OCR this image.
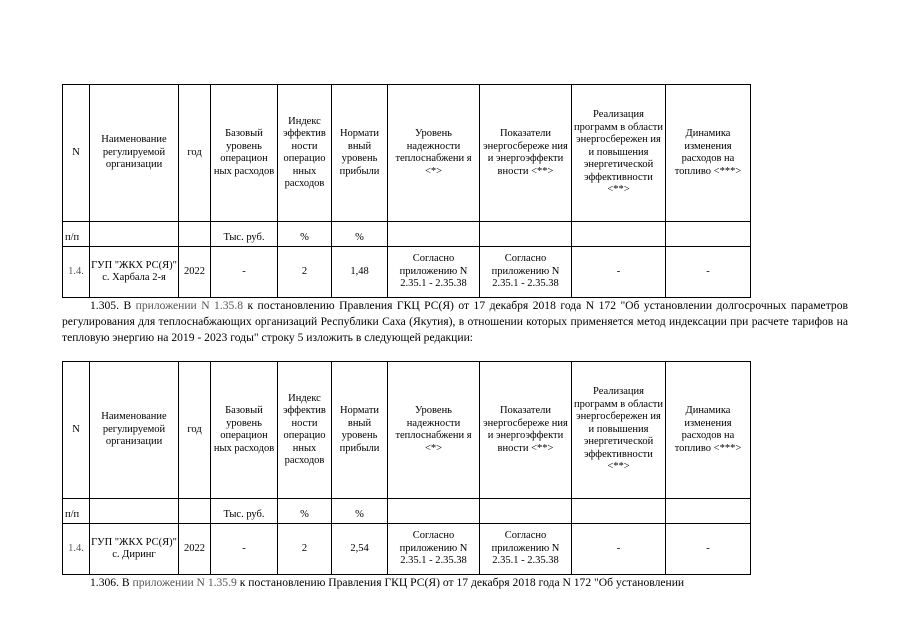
N	Наименование регулируемой организации	год	Базовый уровень операцион ных расходов	Индекс эффектив ности операцио нных расходов	Нормати вный уровень прибыли	Уровень надежности теплоснабжени я <*>	Показатели энергосбереже ния и энергоэффекти вности <**>	Реализация программ в области энергосбережен ия и повышения энергетической эффективности <**>	Динамика изменения расходов на топливо <***>
п/п			Тыс. руб.	%	%				
1.4.	ГУП "ЖКХ РС(Я)" с. Харбала 2-я	2022	-	2	1,48	Согласно приложению N 2.35.1 - 2.35.38	Согласно приложению N 2.35.1 - 2.35.38	-	-
1.305. В приложении N 1.35.8 к постановлению Правления ГКЦ РС(Я) от 17 декабря 2018 года N 172 "Об установлении долгосрочных параметров регулирования для теплоснабжающих организаций Республики Саха (Якутия), в отношении которых применяется метод индексации при расчете тарифов на тепловую энергию на 2019 - 2023 годы" строку 5 изложить в следующей редакции:
N	Наименование регулируемой организации	год	Базовый уровень операцион ных расходов	Индекс эффектив ности операцио нных расходов	Нормати вный уровень прибыли	Уровень надежности теплоснабжени я <*>	Показатели энергосбереже ния и энергоэффекти вности <**>	Реализация программ в области энергосбережен ия и повышения энергетической эффективности <**>	Динамика изменения расходов на топливо <***>
п/п			Тыс. руб.	%	%				
1.4.	ГУП "ЖКХ РС(Я)" с. Диринг	2022	-	2	2,54	Согласно приложению N 2.35.1 - 2.35.38	Согласно приложению N 2.35.1 - 2.35.38	-	-
1.306. В приложении N 1.35.9 к постановлению Правления ГКЦ РС(Я) от 17 декабря 2018 года N 172 "Об установлении
